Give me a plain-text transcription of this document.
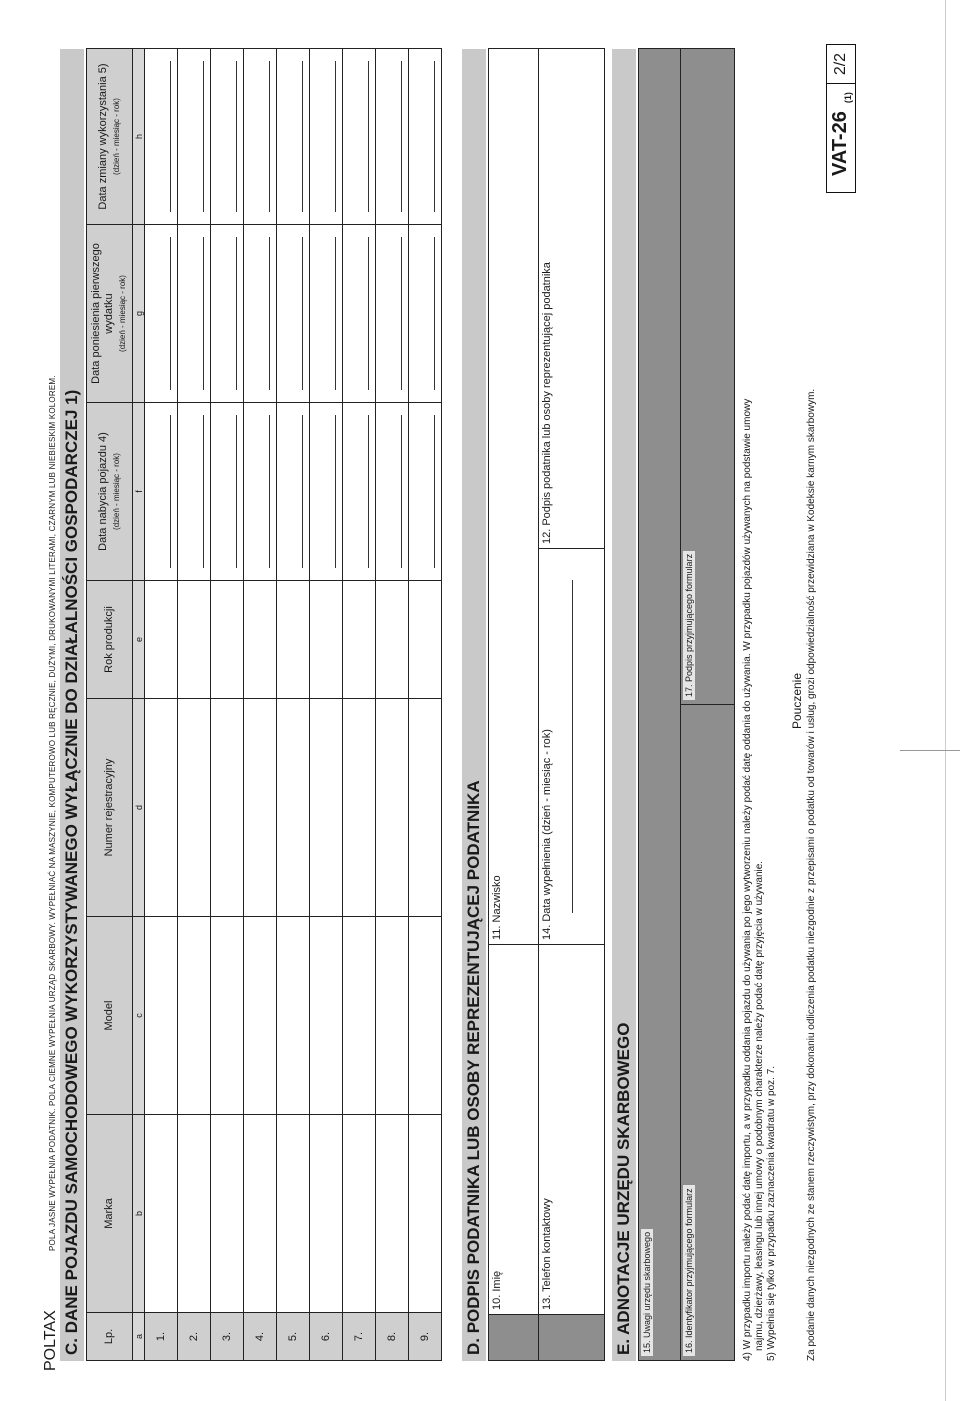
POLA JASNE WYPEŁNIA PODATNIK. POLA CIEMNE WYPEŁNIA URZĄD SKARBOWY. WYPEŁNIAĆ NA MASZYNIE, KOMPUTEROWO LUB RĘCZNIE, DUŻYMI, DRUKOWANYMI LITERAMI, CZARNYM LUB NIEBIESKIM KOLOREM.
POLTAX C. DANE POJAZDU SAMOCHODOWEGO WYKORZYSTYWANEGO WYŁĄCZNIE DO DZIAŁALNOŚCI GOSPODARCZEJ 1) Lp.	Marka	Model	Numer rejestracyjny	Rok produkcji	Data nabycia pojazdu 4) (dzień - miesiąc - rok)	Data poniesienia pierwszego wydatku (dzień - miesiąc - rok)	Data zmiany wykorzystania 5) (dzień - miesiąc - rok)
a	b	c	d	e	f	g	h
1.					

2.					

3.					

4.					

5.					

6.					

7.					

8.					

9.					

	D. PODPIS PODATNIKA LUB OSOBY REPREZENTUJĄCEJ PODATNIKA
	10. Imię	11. Nazwisko
	13. Telefon kontaktowy	14. Data wypełnienia (dzień - miesiąc - rok)
	12. Podpis podatnika lub osoby reprezentującej podatnika
E. ADNOTACJE URZĘDU SKARBOWEGO	15. Uwagi urzędu skarbowego
16. Identyfikator przyjmującego formularz	17. Podpis przyjmującego formularz	4) W przypadku importu należy podać datę importu, a w przypadku oddania pojazdu do używania po jego wytworzeniu należy podać datę oddania do używania. W przypadku pojazdów używanych na podstawie umowy najmu, dzierżawy, leasingu lub innej umowy o podobnym charakterze należy podać datę przyjęcia w używanie. 5) Wypełnia się tylko w przypadku zaznaczenia kwadratu w poz. 7.
Pouczenie Za podanie danych niezgodnych ze stanem rzeczywistym, przy dokonaniu odliczenia podatku niezgodnie z przepisami o podatku od towarów i usług, grozi odpowiedzialność przewidziana w Kodeksie karnym skarbowym.
VAT-$26_{(1)}$
2/2
